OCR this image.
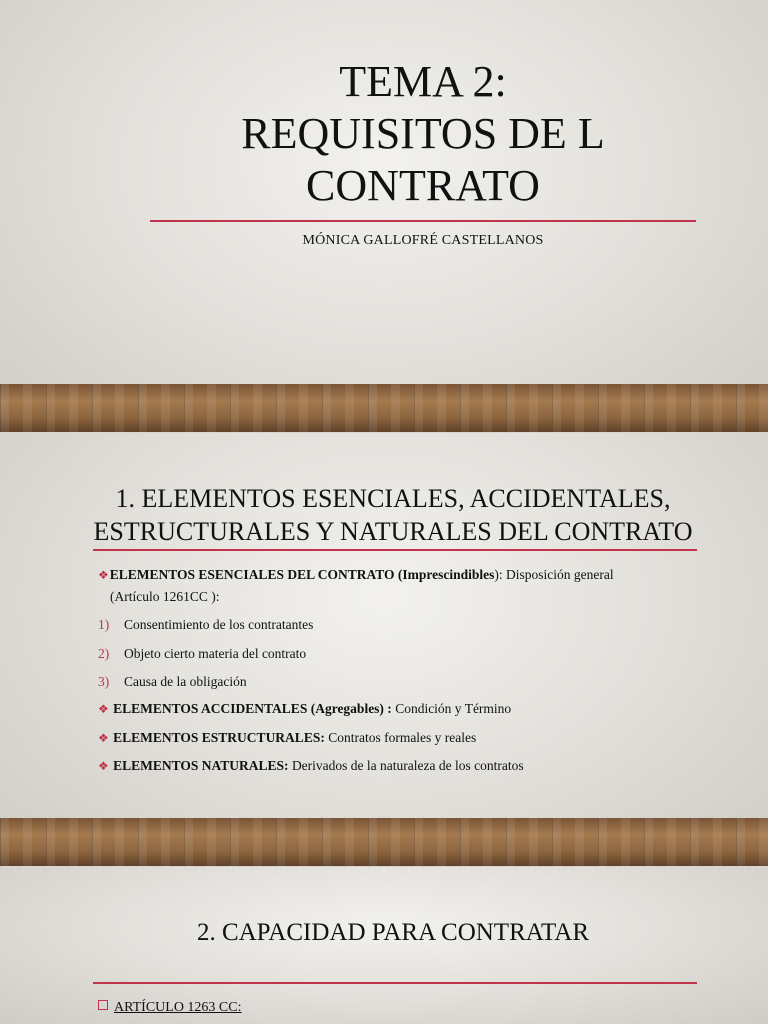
TEMA 2:
REQUISITOS DE L
CONTRATO
MÓNICA GALLOFRÉ CASTELLANOS
1. ELEMENTOS ESENCIALES, ACCIDENTALES,
ESTRUCTURALES Y NATURALES DEL CONTRATO
❖ELEMENTOS ESENCIALES DEL CONTRATO (Imprescindibles): Disposición general
(Artículo 1261CC ):
1) Consentimiento de los contratantes
2) Objeto cierto materia del contrato
3) Causa de la obligación
❖ ELEMENTOS ACCIDENTALES (Agregables) : Condición y Término
❖ ELEMENTOS ESTRUCTURALES: Contratos formales y reales
❖ ELEMENTOS NATURALES: Derivados de la naturaleza de los contratos
2. CAPACIDAD PARA CONTRATAR
ARTÍCULO 1263 CC:
